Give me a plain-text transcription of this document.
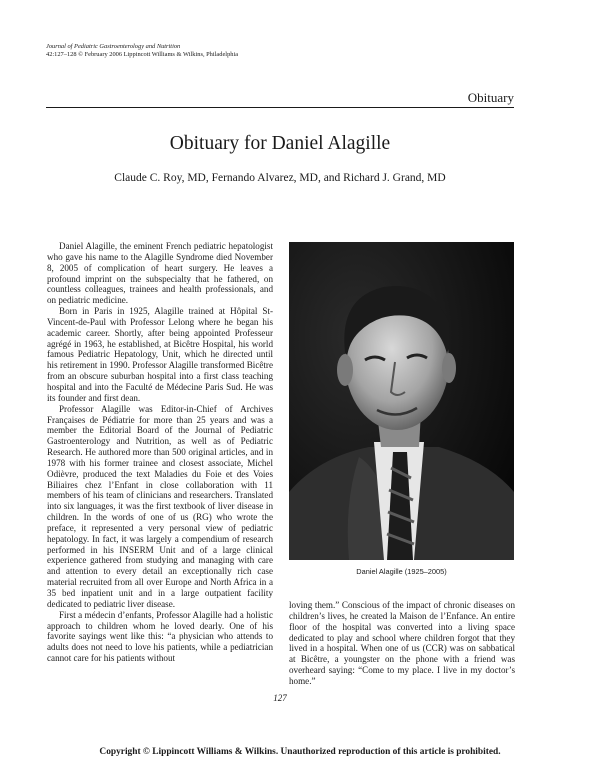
Journal of Pediatric Gastroenterology and Nutrition
42:127–128 © February 2006 Lippincott Williams & Wilkins, Philadelphia
Obituary
Obituary for Daniel Alagille
Claude C. Roy, MD, Fernando Alvarez, MD, and Richard J. Grand, MD

Daniel Alagille, the eminent French pediatric hepatologist who gave his name to the Alagille Syndrome died November 8, 2005 of complication of heart surgery. He leaves a profound imprint on the subspecialty that he fathered, on countless colleagues, trainees and health professionals, and on pediatric medicine.

Born in Paris in 1925, Alagille trained at Hôpital St-Vincent-de-Paul with Professor Lelong where he began his academic career. Shortly, after being appointed Professeur agrégé in 1963, he established, at Bicêtre Hospital, his world famous Pediatric Hepatology, Unit, which he directed until his retirement in 1990. Professor Alagille transformed Bicêtre from an obscure suburban hospital into a first class teaching hospital and into the Faculté de Médecine Paris Sud. He was its founder and first dean.

Professor Alagille was Editor-in-Chief of Archives Françaises de Pédiatrie for more than 25 years and was a member the Editorial Board of the Journal of Pediatric Gastroenterology and Nutrition, as well as of Pediatric Research. He authored more than 500 original articles, and in 1978 with his former trainee and closest associate, Michel Odièvre, produced the text Maladies du Foie et des Voies Biliaires chez l’Enfant in close collaboration with 11 members of his team of clinicians and researchers. Translated into six languages, it was the first textbook of liver disease in children. In the words of one of us (RG) who wrote the preface, it represented a very personal view of pediatric hepatology. In fact, it was largely a compendium of research performed in his INSERM Unit and of a large clinical experience gathered from studying and managing with care and attention to every detail an exceptionally rich case material recruited from all over Europe and North Africa in a 35 bed inpatient unit and in a large outpatient facility dedicated to pediatric liver disease.

First a médecin d’enfants, Professor Alagille had a holistic approach to children whom he loved dearly. One of his favorite sayings went like this: “a physician who attends to adults does not need to love his patients, while a pediatrician cannot care for his patients without

Daniel Alagille (1925–2005)

loving them.” Conscious of the impact of chronic diseases on children’s lives, he created la Maison de l’Enfance. An entire floor of the hospital was converted into a living space dedicated to play and school where children forgot that they lived in a hospital. When one of us (CCR) was on sabbatical at Bicêtre, a youngster on the phone with a friend was overheard saying: “Come to my place. I live in my doctor’s home.”

127
Copyright © Lippincott Williams & Wilkins. Unauthorized reproduction of this article is prohibited.
